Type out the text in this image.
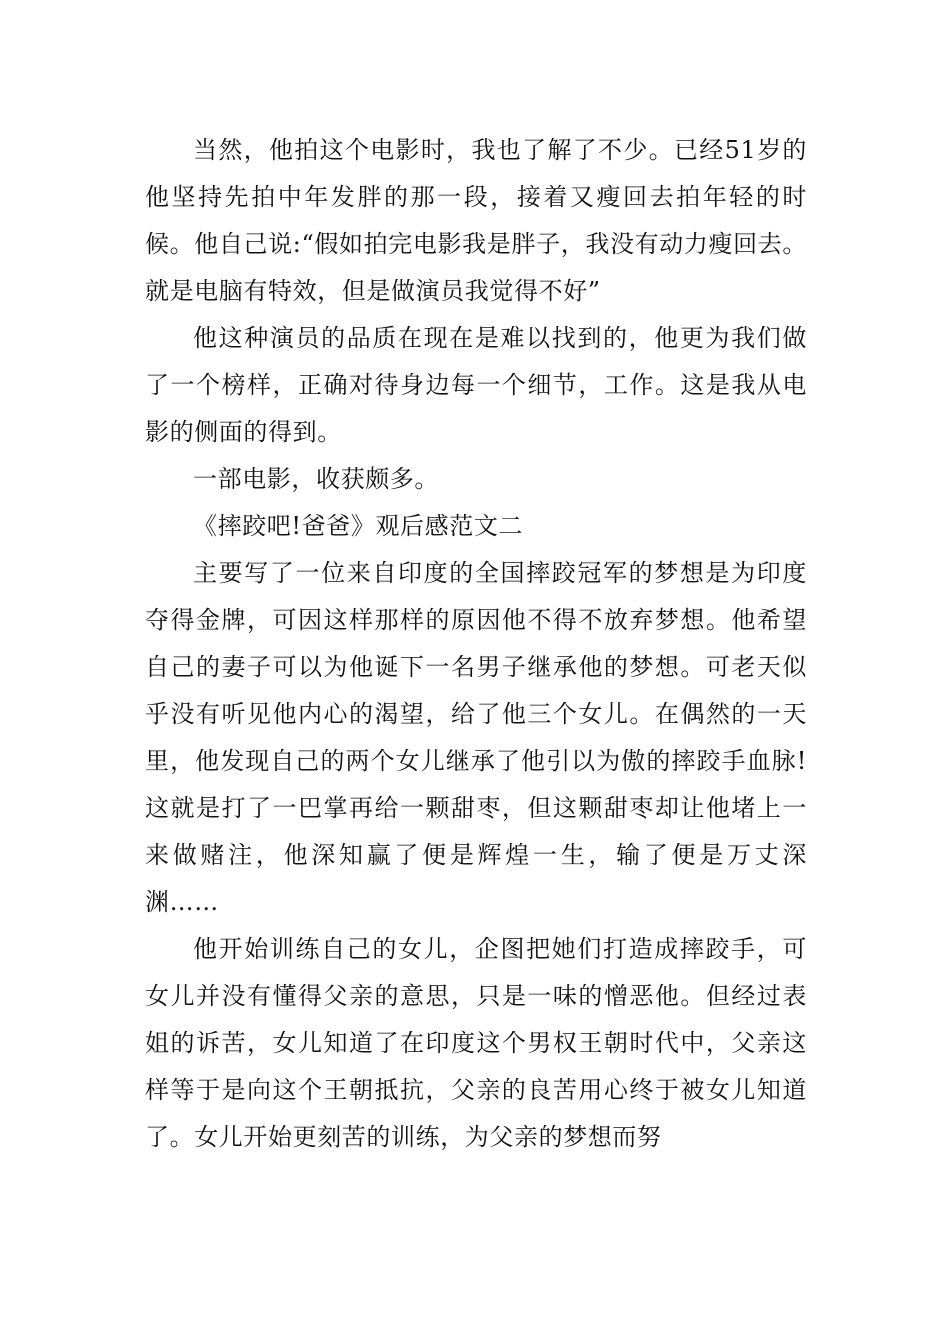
当然，他拍这个电影时，我也了解了不少。已经51岁的他坚持先拍中年发胖的那一段，接着又瘦回去拍年轻的时候。他自己说:“假如拍完电影我是胖子，我没有动力瘦回去。就是电脑有特效，但是做演员我觉得不好”

他这种演员的品质在现在是难以找到的，他更为我们做了一个榜样，正确对待身边每一个细节，工作。这是我从电影的侧面的得到。

一部电影，收获颇多。

《摔跤吧!爸爸》观后感范文二

主要写了一位来自印度的全国摔跤冠军的梦想是为印度夺得金牌，可因这样那样的原因他不得不放弃梦想。他希望自己的妻子可以为他诞下一名男子继承他的梦想。可老天似乎没有听见他内心的渴望，给了他三个女儿。在偶然的一天里，他发现自己的两个女儿继承了他引以为傲的摔跤手血脉!这就是打了一巴掌再给一颗甜枣，但这颗甜枣却让他堵上一来做赌注，他深知赢了便是辉煌一生，输了便是万丈深渊……

他开始训练自己的女儿，企图把她们打造成摔跤手，可女儿并没有懂得父亲的意思，只是一味的憎恶他。但经过表姐的诉苦，女儿知道了在印度这个男权王朝时代中，父亲这样等于是向这个王朝抵抗，父亲的良苦用心终于被女儿知道了。女儿开始更刻苦的训练，为父亲的梦想而努
